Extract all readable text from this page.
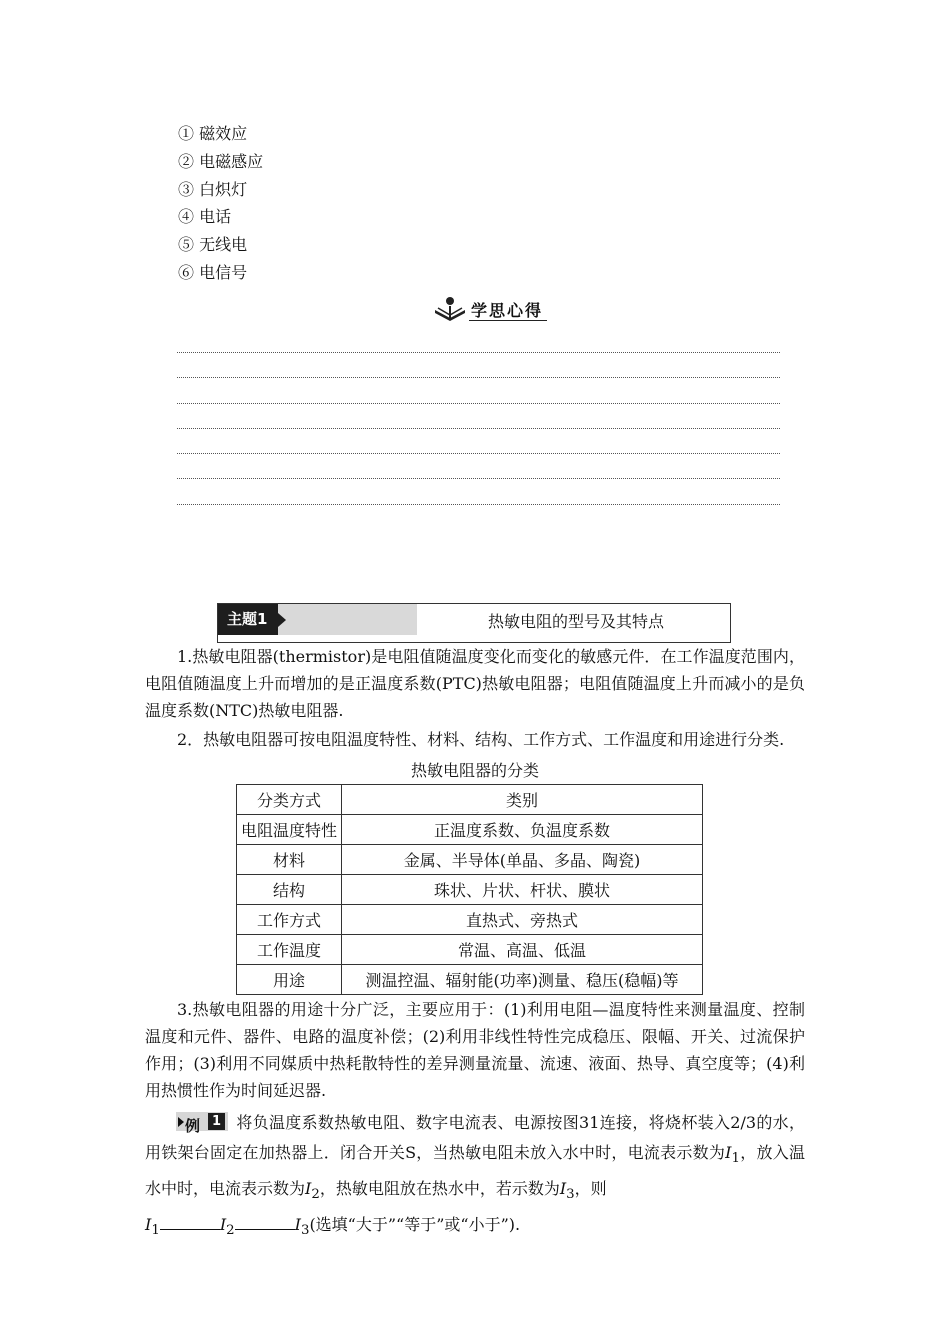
① 磁效应
② 电磁感应
③ 白炽灯
④ 电话
⑤ 无线电
⑥ 电信号
学思心得
主题1	热敏电阻的型号及其特点
1.热敏电阻器(thermistor)是电阻值随温度变化而变化的敏感元件．在工作温度范围内，电阻值随温度上升而增加的是正温度系数(PTC)热敏电阻器；电阻值随温度上升而减小的是负温度系数(NTC)热敏电阻器.
2．热敏电阻器可按电阻温度特性、材料、结构、工作方式、工作温度和用途进行分类.
热敏电阻器的分类
分类方式	类别
电阻温度特性	正温度系数、负温度系数
材料	金属、半导体(单晶、多晶、陶瓷)
结构	珠状、片状、杆状、膜状
工作方式	直热式、旁热式
工作温度	常温、高温、低温
用途	测温控温、辐射能(功率)测量、稳压(稳幅)等
3.热敏电阻器的用途十分广泛，主要应用于：(1)利用电阻—温度特性来测量温度、控制温度和元件、器件、电路的温度补偿；(2)利用非线性特性完成稳压、限幅、开关、过流保护作用；(3)利用不同媒质中热耗散特性的差异测量流量、流速、液面、热导、真空度等；(4)利用热惯性作为时间延迟器.
例 1 将负温度系数热敏电阻、数字电流表、电源按图31连接，将烧杯装入2/3的水，用铁架台固定在加热器上．闭合开关S，当热敏电阻未放入水中时，电流表示数为$I_1$，放入温水中时，电流表示数为$I_2$，热敏电阻放在热水中，若示数为$I_3$，则
$I_1$	$I_2$	$I_3$(选填“大于”“等于”或“小于”).
